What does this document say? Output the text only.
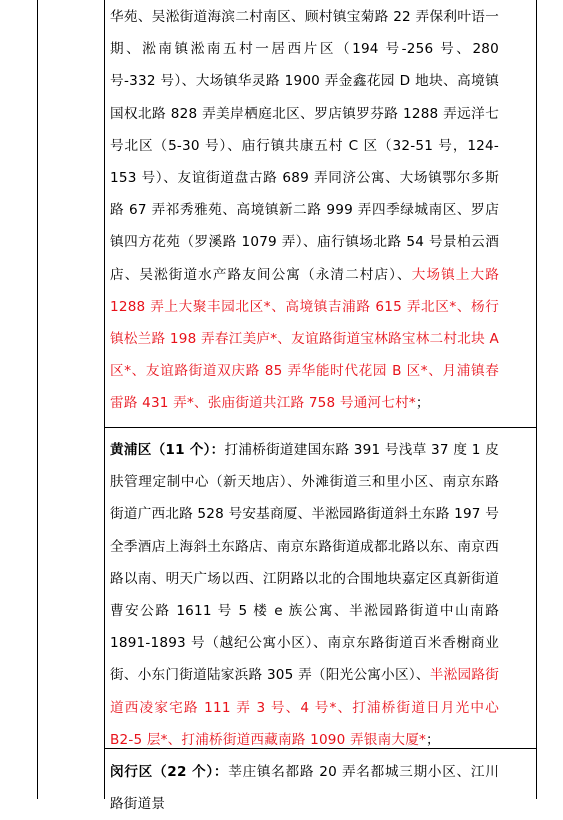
华苑、吴淞街道海滨二村南区、顾村镇宝菊路 22 弄保利叶语一期、淞南镇淞南五村一居西片区（194 号-256 号、280 号-332 号）、大场镇华灵路 1900 弄金鑫花园 D 地块、高境镇国权北路 828 弄美岸栖庭北区、罗店镇罗芬路 1288 弄远洋七号北区（5-30 号）、庙行镇共康五村 C 区（32-51 号，124-153 号）、友谊街道盘古路 689 弄同济公寓、大场镇鄂尔多斯路 67 弄祁秀雅苑、高境镇新二路 999 弄四季绿城南区、罗店镇四方花苑（罗溪路 1079 弄）、庙行镇场北路 54 号景柏云酒店、吴淞街道水产路友间公寓（永清二村店）、大场镇上大路 1288 弄上大聚丰园北区*、高境镇吉浦路 615 弄北区*、杨行镇松兰路 198 弄春江美庐*、友谊路街道宝林路宝林二村北块 A 区*、友谊路街道双庆路 85 弄华能时代花园 B 区*、月浦镇春雷路 431 弄*、张庙街道共江路 758 号通河七村*；

黄浦区（11 个）：打浦桥街道建国东路 391 号浅草 37 度 1 皮肤管理定制中心（新天地店）、外滩街道三和里小区、南京东路街道广西北路 528 号安基商厦、半淞园路街道斜土东路 197 号全季酒店上海斜土东路店、南京东路街道成都北路以东、南京西路以南、明天广场以西、江阴路以北的合围地块嘉定区真新街道曹安公路 1611 号 5 楼 e 族公寓、半淞园路街道中山南路 1891-1893 号（越纪公寓小区）、南京东路街道百米香榭商业街、小东门街道陆家浜路 305 弄（阳光公寓小区）、半淞园路街道西凌家宅路 111 弄 3 号、4 号*、打浦桥街道日月光中心 B2-5 层*、打浦桥街道西藏南路 1090 弄银南大厦*；

闵行区（22 个）：莘庄镇名都路 20 弄名都城三期小区、江川路街道景
